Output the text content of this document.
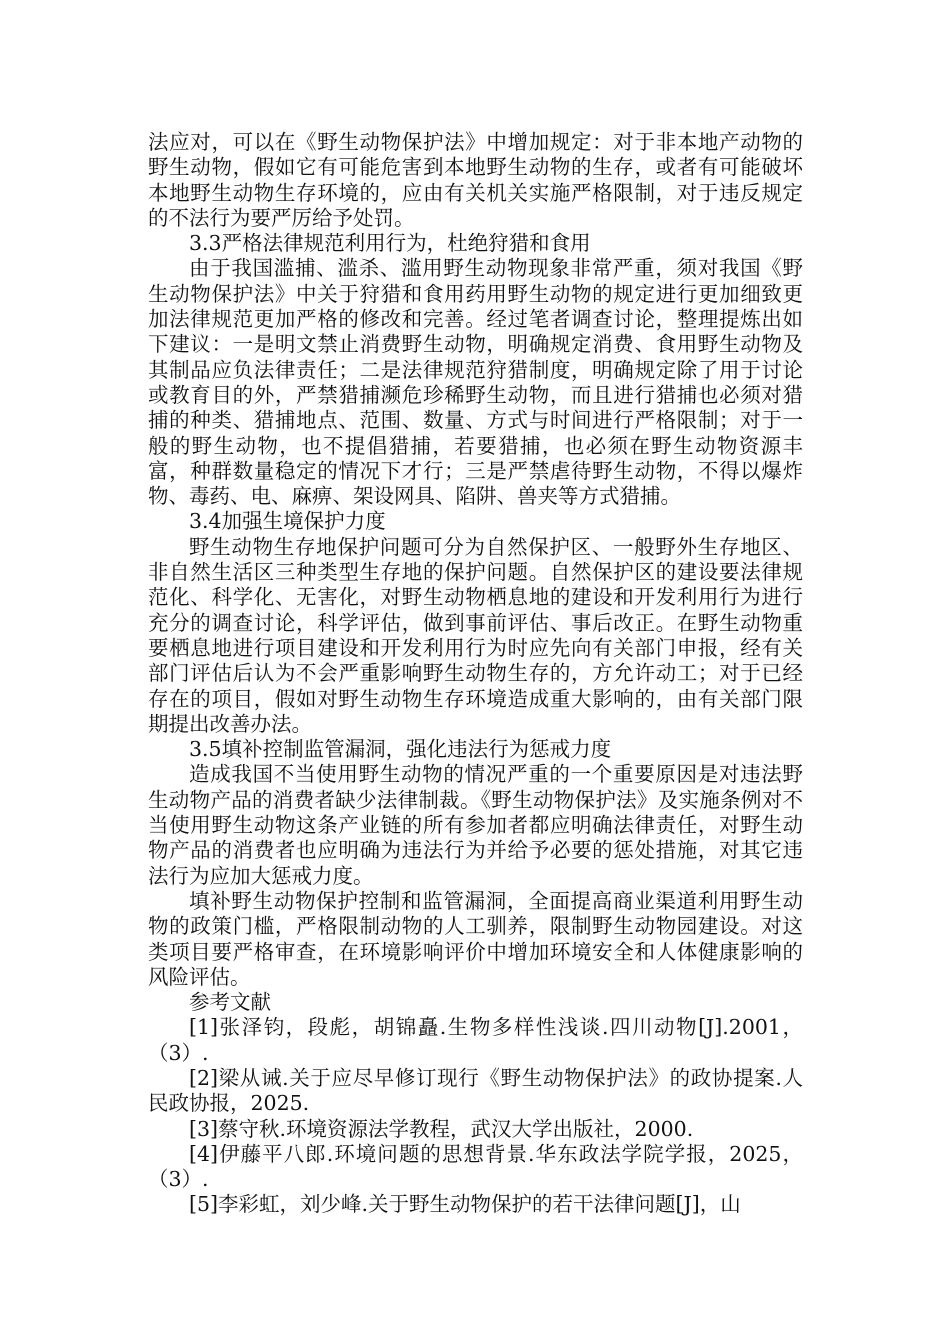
法应对，可以在《野生动物保护法》中增加规定：对于非本地产动物的野生动物，假如它有可能危害到本地野生动物的生存，或者有可能破坏本地野生动物生存环境的，应由有关机关实施严格限制，对于违反规定的不法行为要严厉给予处罚。

3.3严格法律规范利用行为，杜绝狩猎和食用

由于我国滥捕、滥杀、滥用野生动物现象非常严重，须对我国《野生动物保护法》中关于狩猎和食用药用野生动物的规定进行更加细致更加法律规范更加严格的修改和完善。经过笔者调查讨论，整理提炼出如下建议：一是明文禁止消费野生动物，明确规定消费、食用野生动物及其制品应负法律责任；二是法律规范狩猎制度，明确规定除了用于讨论或教育目的外，严禁猎捕濒危珍稀野生动物，而且进行猎捕也必须对猎捕的种类、猎捕地点、范围、数量、方式与时间进行严格限制；对于一般的野生动物，也不提倡猎捕，若要猎捕，也必须在野生动物资源丰富，种群数量稳定的情况下才行；三是严禁虐待野生动物，不得以爆炸物、毒药、电、麻痹、架设网具、陷阱、兽夹等方式猎捕。

3.4加强生境保护力度

野生动物生存地保护问题可分为自然保护区、一般野外生存地区、非自然生活区三种类型生存地的保护问题。自然保护区的建设要法律规范化、科学化、无害化，对野生动物栖息地的建设和开发利用行为进行充分的调查讨论，科学评估，做到事前评估、事后改正。在野生动物重要栖息地进行项目建设和开发利用行为时应先向有关部门申报，经有关部门评估后认为不会严重影响野生动物生存的，方允许动工；对于已经存在的项目，假如对野生动物生存环境造成重大影响的，由有关部门限期提出改善办法。

3.5填补控制监管漏洞，强化违法行为惩戒力度

造成我国不当使用野生动物的情况严重的一个重要原因是对违法野生动物产品的消费者缺少法律制裁。《野生动物保护法》及实施条例对不当使用野生动物这条产业链的所有参加者都应明确法律责任，对野生动物产品的消费者也应明确为违法行为并给予必要的惩处措施，对其它违法行为应加大惩戒力度。

填补野生动物保护控制和监管漏洞，全面提高商业渠道利用野生动物的政策门槛，严格限制动物的人工驯养，限制野生动物园建设。对这类项目要严格审查，在环境影响评价中增加环境安全和人体健康影响的风险评估。

参考文献

[1]张泽钧，段彪，胡锦矗.生物多样性浅谈.四川动物[J].2001，（3）.

[2]梁从诫.关于应尽早修订现行《野生动物保护法》的政协提案.人民政协报，2025.

[3]蔡守秋.环境资源法学教程，武汉大学出版社，2000.

[4]伊藤平八郎.环境问题的思想背景.华东政法学院学报，2025，（3）.

[5]李彩虹，刘少峰.关于野生动物保护的若干法律问题[J]，山
